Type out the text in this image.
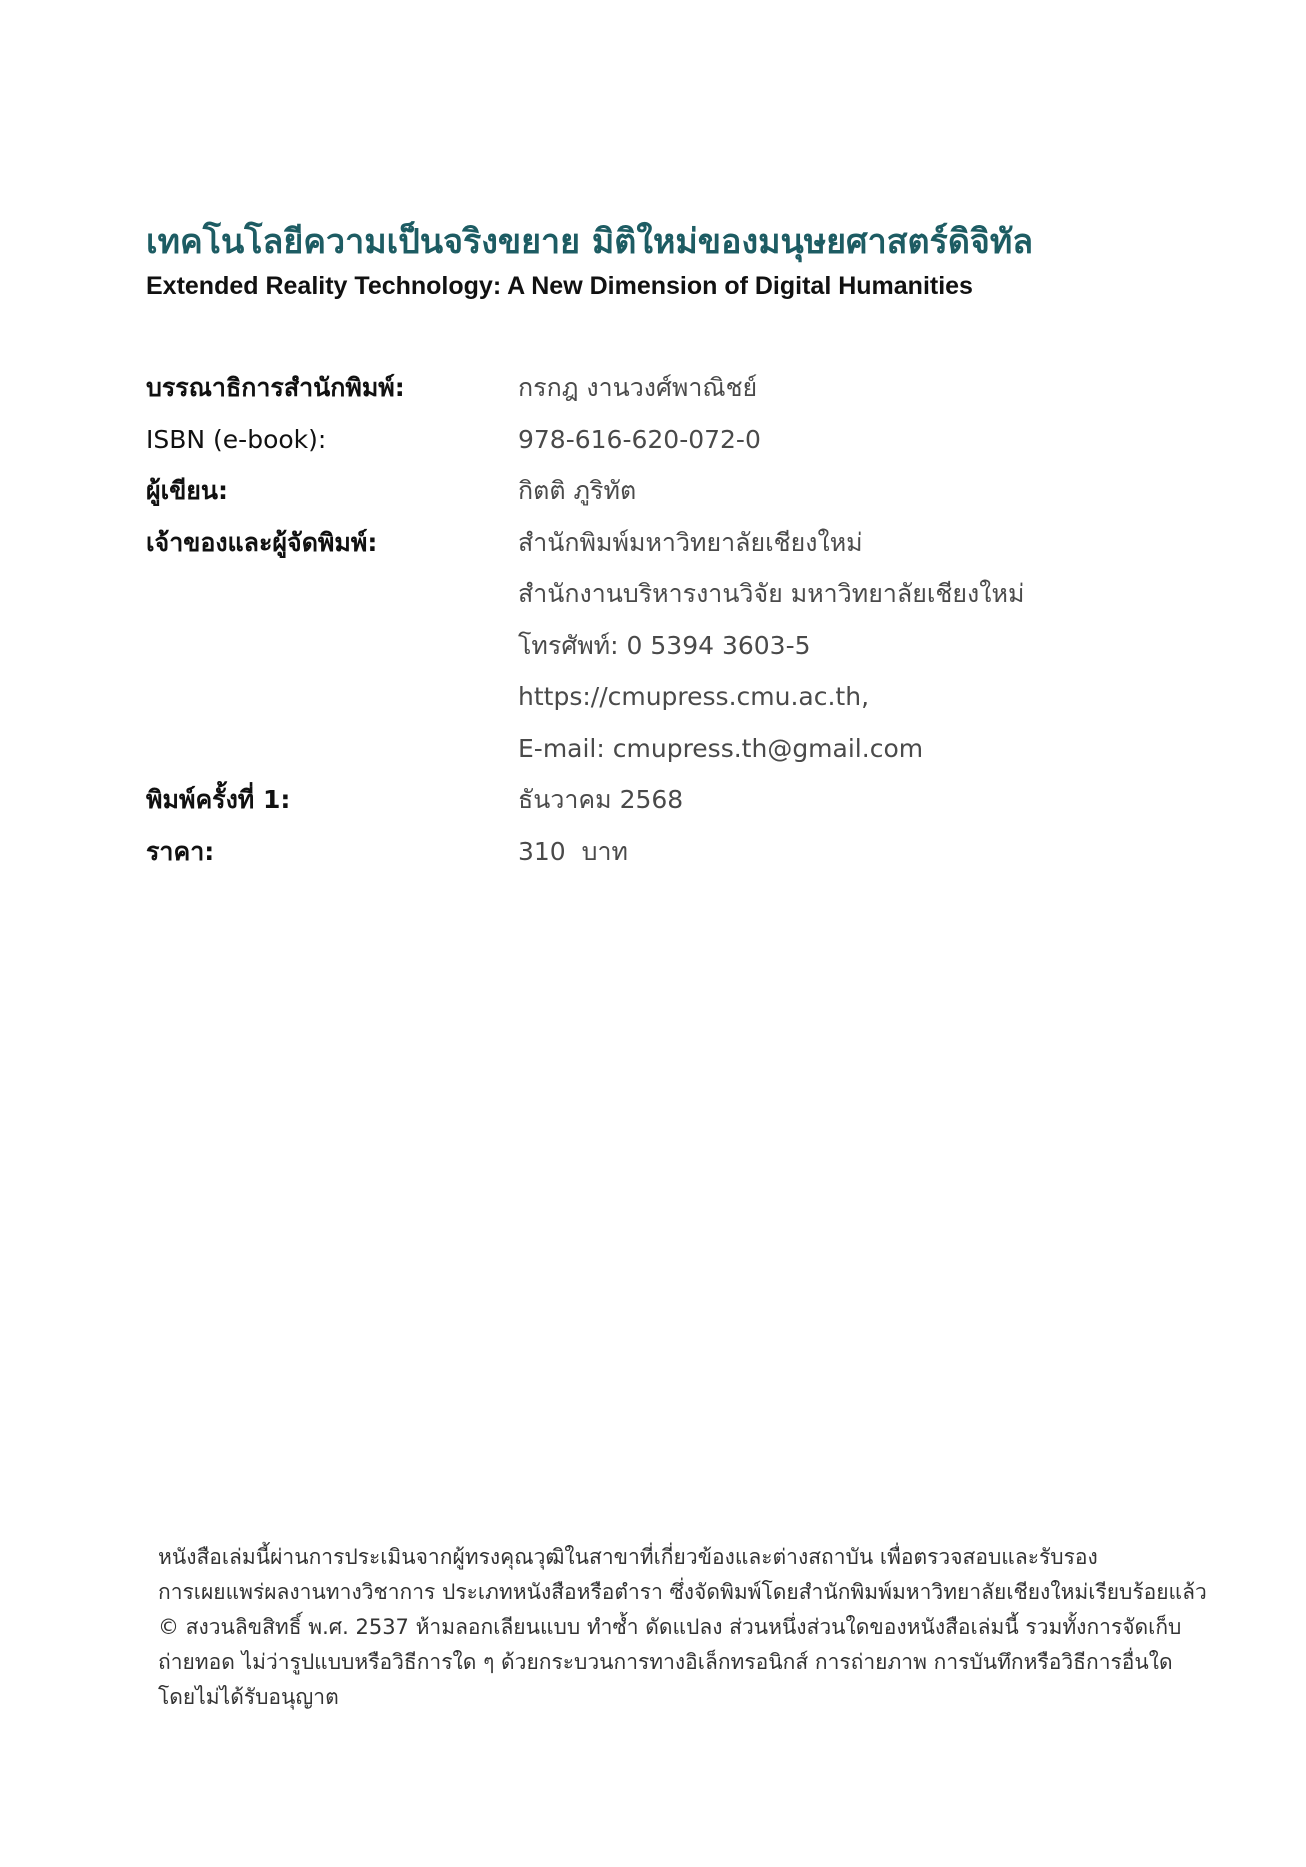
เทคโนโลยีความเป็นจริงขยาย มิติใหม่ของมนุษยศาสตร์ดิจิทัล
Extended Reality Technology: A New Dimension of Digital Humanities
บรรณาธิการสำนักพิมพ์:	กรกฎ งานวงศ์พาณิชย์
ISBN (e-book):	978-616-620-072-0
ผู้เขียน:	กิตติ ภูริทัต
เจ้าของและผู้จัดพิมพ์:	สำนักพิมพ์มหาวิทยาลัยเชียงใหม่
สำนักงานบริหารงานวิจัย มหาวิทยาลัยเชียงใหม่
โทรศัพท์: 0 5394 3603-5
https://cmupress.cmu.ac.th,
E-mail: cmupress.th@gmail.com
พิมพ์ครั้งที่ 1:	ธันวาคม 2568
ราคา:	310  บาท
หนังสือเล่มนี้ผ่านการประเมินจากผู้ทรงคุณวุฒิในสาขาที่เกี่ยวข้องและต่างสถาบัน เพื่อตรวจสอบและรับรอง
การเผยแพร่ผลงานทางวิชาการ ประเภทหนังสือหรือตำรา ซึ่งจัดพิมพ์โดยสำนักพิมพ์มหาวิทยาลัยเชียงใหม่เรียบร้อยแล้ว
© สงวนลิขสิทธิ์ พ.ศ. 2537 ห้ามลอกเลียนแบบ ทำซ้ำ ดัดแปลง ส่วนหนึ่งส่วนใดของหนังสือเล่มนี้ รวมทั้งการจัดเก็บ
ถ่ายทอด ไม่ว่ารูปแบบหรือวิธีการใด ๆ ด้วยกระบวนการทางอิเล็กทรอนิกส์ การถ่ายภาพ การบันทึกหรือวิธีการอื่นใด
โดยไม่ได้รับอนุญาต
